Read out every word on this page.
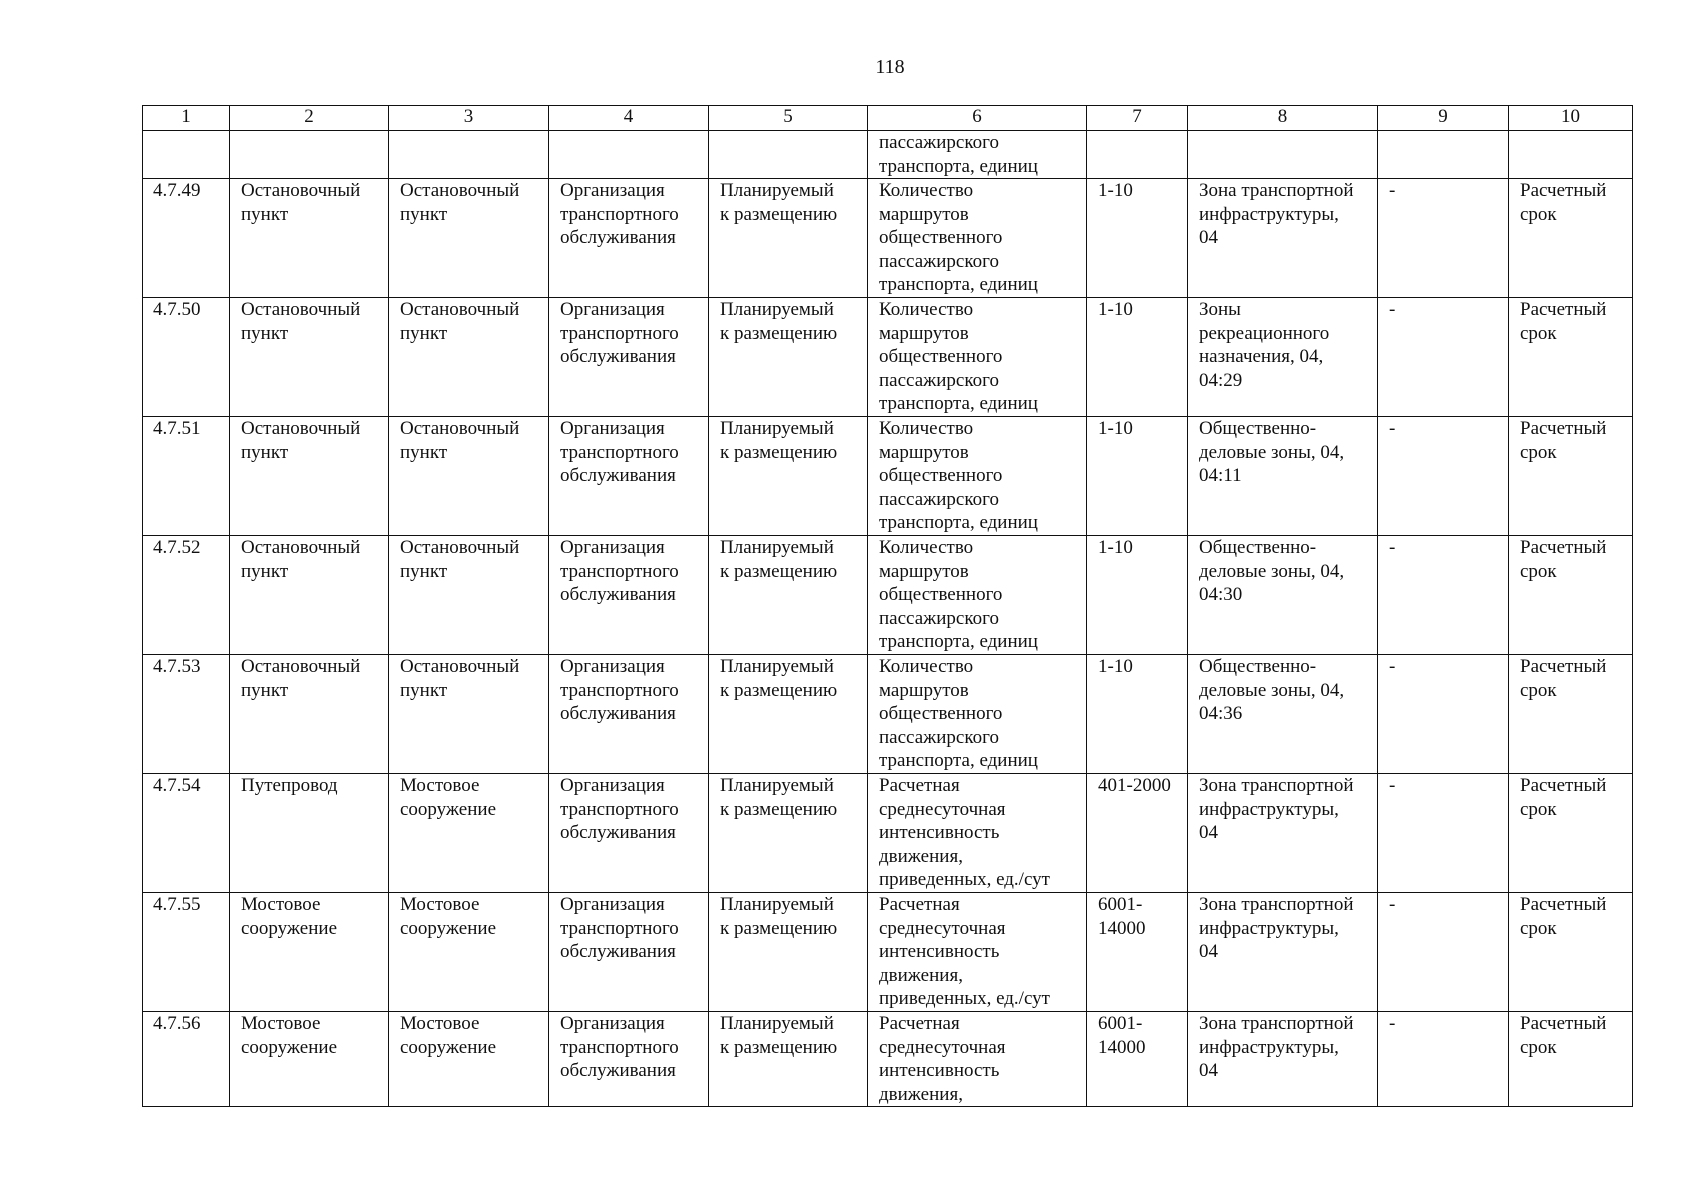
118
1	2	3	4	5	6	7	8	9	10
					пассажирского
транспорта, единиц				
4.7.49	Остановочный
пункт	Остановочный
пункт	Организация
транспортного
обслуживания	Планируемый
к размещению	Количество
маршрутов
общественного
пассажирского
транспорта, единиц	1-10	Зона транспортной
инфраструктуры,
04	-	Расчетный
срок
4.7.50	Остановочный
пункт	Остановочный
пункт	Организация
транспортного
обслуживания	Планируемый
к размещению	Количество
маршрутов
общественного
пассажирского
транспорта, единиц	1-10	Зоны
рекреационного
назначения, 04,
04:29	-	Расчетный
срок
4.7.51	Остановочный
пункт	Остановочный
пункт	Организация
транспортного
обслуживания	Планируемый
к размещению	Количество
маршрутов
общественного
пассажирского
транспорта, единиц	1-10	Общественно-
деловые зоны, 04,
04:11	-	Расчетный
срок
4.7.52	Остановочный
пункт	Остановочный
пункт	Организация
транспортного
обслуживания	Планируемый
к размещению	Количество
маршрутов
общественного
пассажирского
транспорта, единиц	1-10	Общественно-
деловые зоны, 04,
04:30	-	Расчетный
срок
4.7.53	Остановочный
пункт	Остановочный
пункт	Организация
транспортного
обслуживания	Планируемый
к размещению	Количество
маршрутов
общественного
пассажирского
транспорта, единиц	1-10	Общественно-
деловые зоны, 04,
04:36	-	Расчетный
срок
4.7.54	Путепровод	Мостовое
сооружение	Организация
транспортного
обслуживания	Планируемый
к размещению	Расчетная
среднесуточная
интенсивность
движения,
приведенных, ед./сут	401-2000	Зона транспортной
инфраструктуры,
04	-	Расчетный
срок
4.7.55	Мостовое
сооружение	Мостовое
сооружение	Организация
транспортного
обслуживания	Планируемый
к размещению	Расчетная
среднесуточная
интенсивность
движения,
приведенных, ед./сут	6001-
14000	Зона транспортной
инфраструктуры,
04	-	Расчетный
срок
4.7.56	Мостовое
сооружение	Мостовое
сооружение	Организация
транспортного
обслуживания	Планируемый
к размещению	Расчетная
среднесуточная
интенсивность
движения,	6001-
14000	Зона транспортной
инфраструктуры,
04	-	Расчетный
срок
